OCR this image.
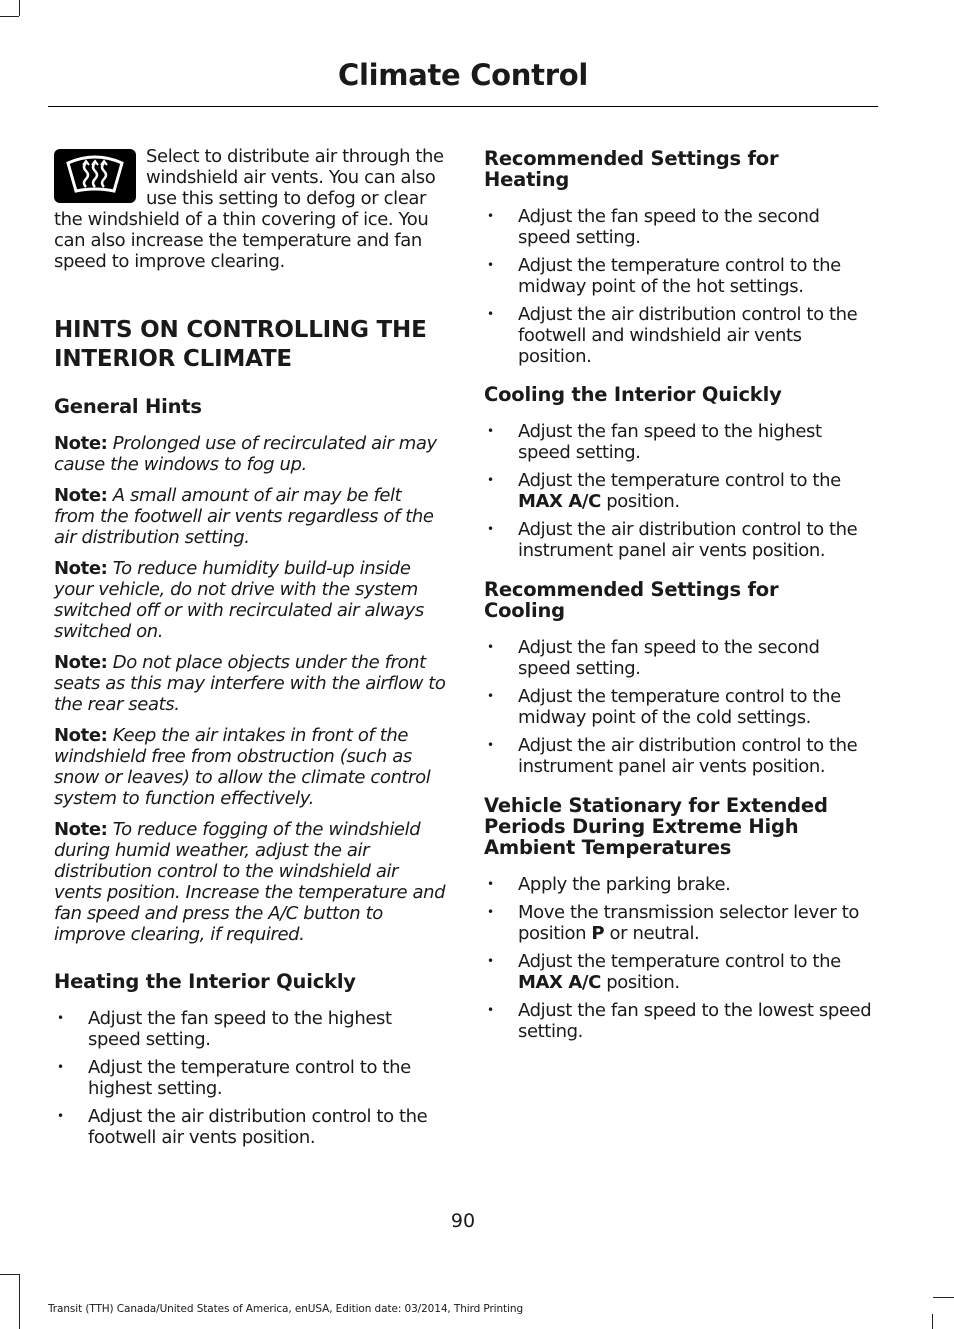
Climate Control

Select to distribute air through the windshield air vents. You can also use this setting to defog or clear the windshield of a thin covering of ice. You can also increase the temperature and fan speed to improve clearing.

HINTS ON CONTROLLING THE
INTERIOR CLIMATE
General Hints

Note: Prolonged use of recirculated air may cause the windows to fog up.

Note: A small amount of air may be felt from the footwell air vents regardless of the air distribution setting.

Note: To reduce humidity build-up inside your vehicle, do not drive with the system switched off or with recirculated air always switched on.

Note: Do not place objects under the front seats as this may interfere with the airflow to the rear seats.

Note: Keep the air intakes in front of the windshield free from obstruction (such as snow or leaves) to allow the climate control system to function effectively.

Note: To reduce fogging of the windshield during humid weather, adjust the air distribution control to the windshield air vents position. Increase the temperature and fan speed and press the A/C button to improve clearing, if required.

Heating the Interior Quickly
• Adjust the fan speed to the highest speed setting.
• Adjust the temperature control to the highest setting.
• Adjust the air distribution control to the footwell air vents position.
Recommended Settings for
Heating
• Adjust the fan speed to the second speed setting.
• Adjust the temperature control to the midway point of the hot settings.
• Adjust the air distribution control to the footwell and windshield air vents position.
Cooling the Interior Quickly
• Adjust the fan speed to the highest speed setting.
• Adjust the temperature control to the MAX A/C position.
• Adjust the air distribution control to the instrument panel air vents position.
Recommended Settings for
Cooling
• Adjust the fan speed to the second speed setting.
• Adjust the temperature control to the midway point of the cold settings.
• Adjust the air distribution control to the instrument panel air vents position.
Vehicle Stationary for Extended
Periods During Extreme High
Ambient Temperatures
• Apply the parking brake.
• Move the transmission selector lever to position P or neutral.
• Adjust the temperature control to the MAX A/C position.
• Adjust the fan speed to the lowest speed setting.
90
Transit (TTH) Canada/United States of America, enUSA, Edition date: 03/2014, Third Printing
